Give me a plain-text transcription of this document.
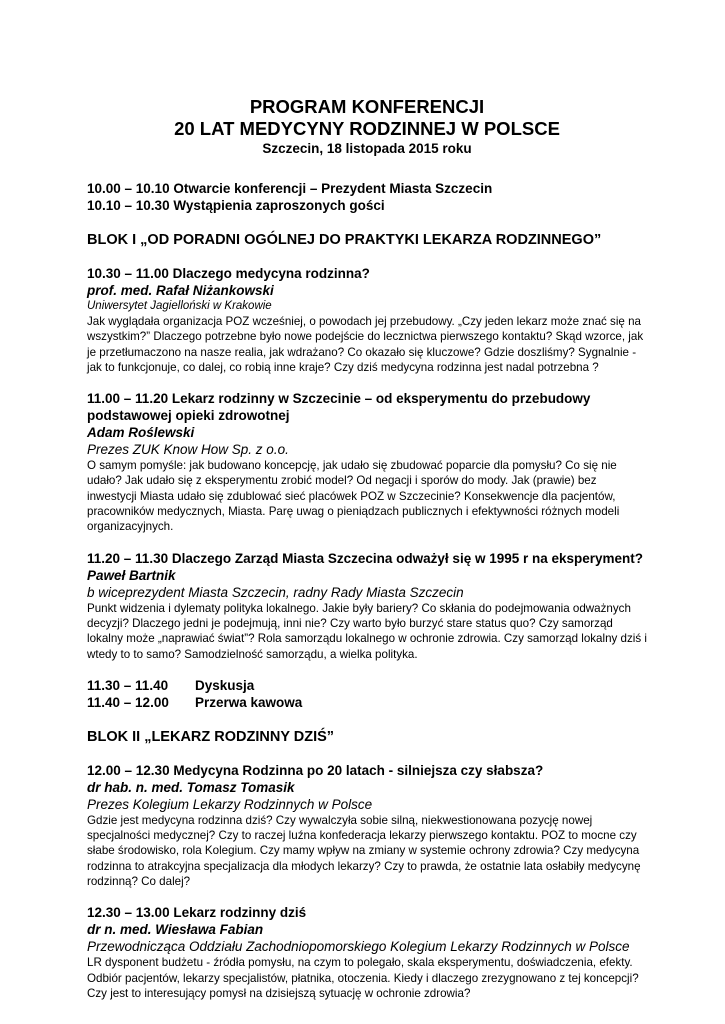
PROGRAM KONFERENCJI
20 LAT MEDYCYNY RODZINNEJ W POLSCE

Szczecin, 18 listopada 2015 roku

10.00 – 10.10 Otwarcie konferencji – Prezydent Miasta Szczecin

10.10 – 10.30 Wystąpienia zaproszonych gości

BLOK I „OD PORADNI OGÓLNEJ DO PRAKTYKI LEKARZA RODZINNEGO”

10.30 – 11.00 Dlaczego medycyna rodzinna?

prof. med. Rafał Niżankowski

Uniwersytet Jagielloński w Krakowie

Jak wyglądała organizacja POZ wcześniej, o powodach jej przebudowy. „Czy jeden lekarz może znać się na wszystkim?” Dlaczego potrzebne było nowe podejście do lecznictwa pierwszego kontaktu? Skąd wzorce, jak je przetłumaczono na nasze realia, jak wdrażano? Co okazało się kluczowe? Gdzie doszliśmy? Sygnalnie - jak to funkcjonuje, co dalej, co robią inne kraje? Czy dziś medycyna rodzinna jest nadal potrzebna ?

11.00 – 11.20 Lekarz rodzinny w Szczecinie – od eksperymentu do przebudowy podstawowej opieki zdrowotnej

Adam Roślewski

Prezes ZUK Know How Sp. z o.o.

O samym pomyśle: jak budowano koncepcję, jak udało się zbudować poparcie dla pomysłu? Co się nie udało? Jak udało się z eksperymentu zrobić model? Od negacji i sporów do mody. Jak (prawie) bez inwestycji Miasta udało się zdublować sieć placówek POZ w Szczecinie? Konsekwencje dla pacjentów, pracowników medycznych, Miasta. Parę uwag o pieniądzach publicznych i efektywności różnych modeli organizacyjnych.

11.20 – 11.30 Dlaczego Zarząd Miasta Szczecina odważył się w 1995 r na eksperyment?

Paweł Bartnik

b wiceprezydent Miasta Szczecin, radny Rady Miasta Szczecin

Punkt widzenia i dylematy polityka lokalnego. Jakie były bariery? Co skłania do podejmowania odważnych decyzji? Dlaczego jedni je podejmują, inni nie? Czy warto było burzyć stare status quo? Czy samorząd lokalny może „naprawiać świat”? Rola samorządu lokalnego w ochronie zdrowia. Czy samorząd lokalny dziś i wtedy to to samo? Samodzielność samorządu, a wielka polityka.

11.30 – 11.40	Dyskusja
11.40 – 12.00	Przerwa kawowa

BLOK II „LEKARZ RODZINNY DZIŚ”

12.00 – 12.30 Medycyna Rodzinna po 20 latach - silniejsza czy słabsza?

dr hab. n. med. Tomasz Tomasik

Prezes Kolegium Lekarzy Rodzinnych w Polsce

Gdzie jest medycyna rodzinna dziś? Czy wywalczyła sobie silną, niekwestionowana pozycję nowej specjalności medycznej? Czy to raczej luźna konfederacja lekarzy pierwszego kontaktu. POZ to mocne czy słabe środowisko, rola Kolegium. Czy mamy wpływ na zmiany w systemie ochrony zdrowia? Czy medycyna rodzinna to atrakcyjna specjalizacja dla młodych lekarzy? Czy to prawda, że ostatnie lata osłabiły medycynę rodzinną? Co dalej?

12.30 – 13.00 Lekarz rodzinny dziś

dr n. med. Wiesława Fabian

Przewodnicząca Oddziału Zachodniopomorskiego Kolegium Lekarzy Rodzinnych w Polsce

LR dysponent budżetu - źródła pomysłu, na czym to polegało, skala eksperymentu, doświadczenia, efekty. Odbiór pacjentów, lekarzy specjalistów, płatnika, otoczenia. Kiedy i dlaczego zrezygnowano z tej koncepcji? Czy jest to interesujący pomysł na dzisiejszą sytuację w ochronie zdrowia?
